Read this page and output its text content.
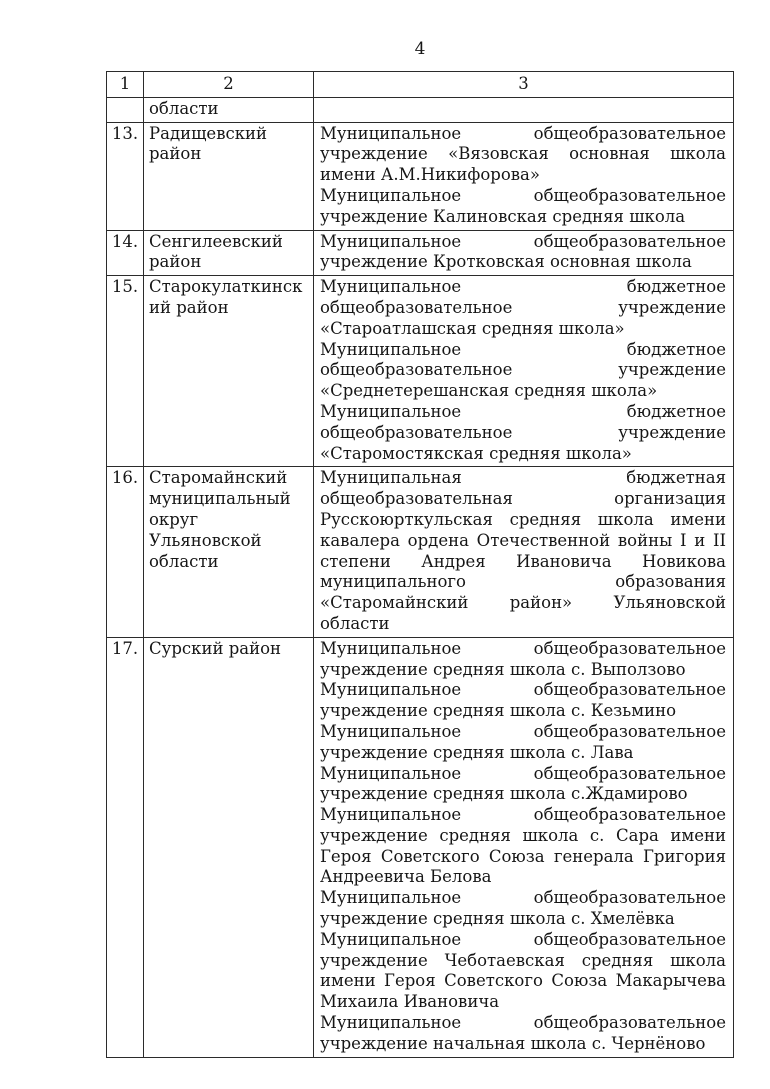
4
1	2	3
	области	
13.	Радищевский район	Муниципальное общеобразовательное учреждение «Вязовская основная школа имени А.М.Никифорова»

Муниципальное общеобразовательное учреждение Калиновская средняя школа

14.	Сенгилеевский район	Муниципальное общеобразовательное учреждение Кротковская основная школа

15.	Старокулаткинский район	Муниципальное бюджетное общеобразовательное учреждение «Староатлашская средняя школа»

Муниципальное бюджетное общеобразовательное учреждение «Среднетерешанская средняя школа»

Муниципальное бюджетное общеобразовательное учреждение «Старомостякская средняя школа»

16.	Старомайнский муниципальный округ Ульяновской области	Муниципальная бюджетная общеобразовательная организация Русскоюрткульская средняя школа имени кавалера ордена Отечественной войны I и II степени Андрея Ивановича Новикова муниципального образования «Старомайнский район» Ульяновской области

17.	Сурский район	Муниципальное общеобразовательное учреждение средняя школа с. Выползово

Муниципальное общеобразовательное учреждение средняя школа с. Кезьмино

Муниципальное общеобразовательное учреждение средняя школа с. Лава

Муниципальное общеобразовательное учреждение средняя школа с.Ждамирово

Муниципальное общеобразовательное учреждение средняя школа с. Сара имени Героя Советского Союза генерала Григория Андреевича Белова

Муниципальное общеобразовательное учреждение средняя школа с. Хмелёвка

Муниципальное общеобразовательное учреждение Чеботаевская средняя школа имени Героя Советского Союза Макарычева Михаила Ивановича

Муниципальное общеобразовательное учреждение начальная школа с. Чернёново
